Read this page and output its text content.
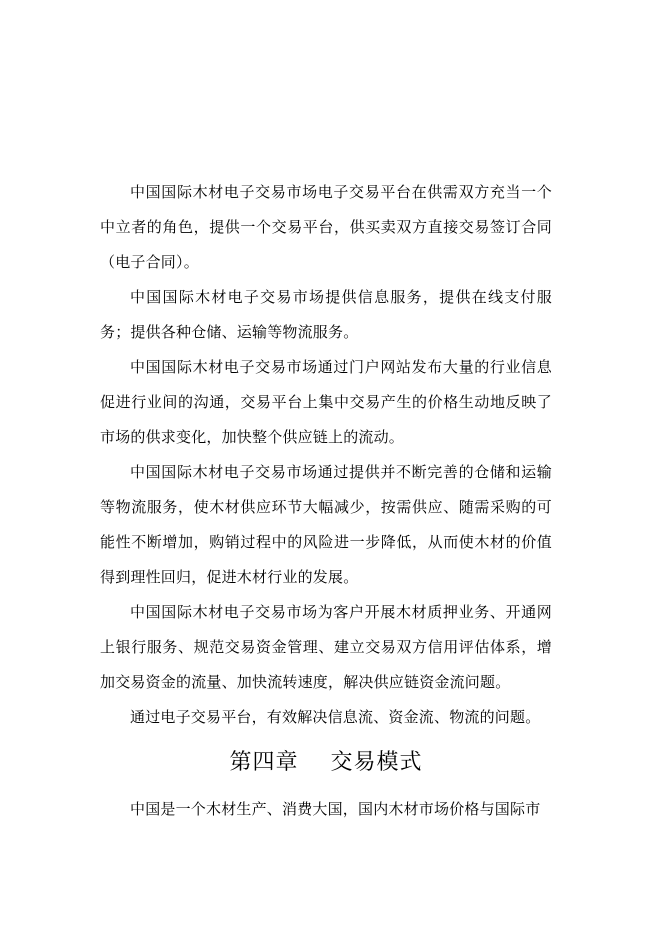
中国国际木材电子交易市场电子交易平台在供需双方充当一个中立者的角色，提供一个交易平台，供买卖双方直接交易签订合同（电子合同）。

中国国际木材电子交易市场提供信息服务，提供在线支付服务；提供各种仓储、运输等物流服务。

中国国际木材电子交易市场通过门户网站发布大量的行业信息促进行业间的沟通，交易平台上集中交易产生的价格生动地反映了市场的供求变化，加快整个供应链上的流动。

中国国际木材电子交易市场通过提供并不断完善的仓储和运输等物流服务，使木材供应环节大幅减少，按需供应、随需采购的可能性不断增加，购销过程中的风险进一步降低，从而使木材的价值得到理性回归，促进木材行业的发展。

中国国际木材电子交易市场为客户开展木材质押业务、开通网上银行服务、规范交易资金管理、建立交易双方信用评估体系，增加交易资金的流量、加快流转速度，解决供应链资金流问题。

通过电子交易平台，有效解决信息流、资金流、物流的问题。

第四章    交易模式

中国是一个木材生产、消费大国，国内木材市场价格与国际市
